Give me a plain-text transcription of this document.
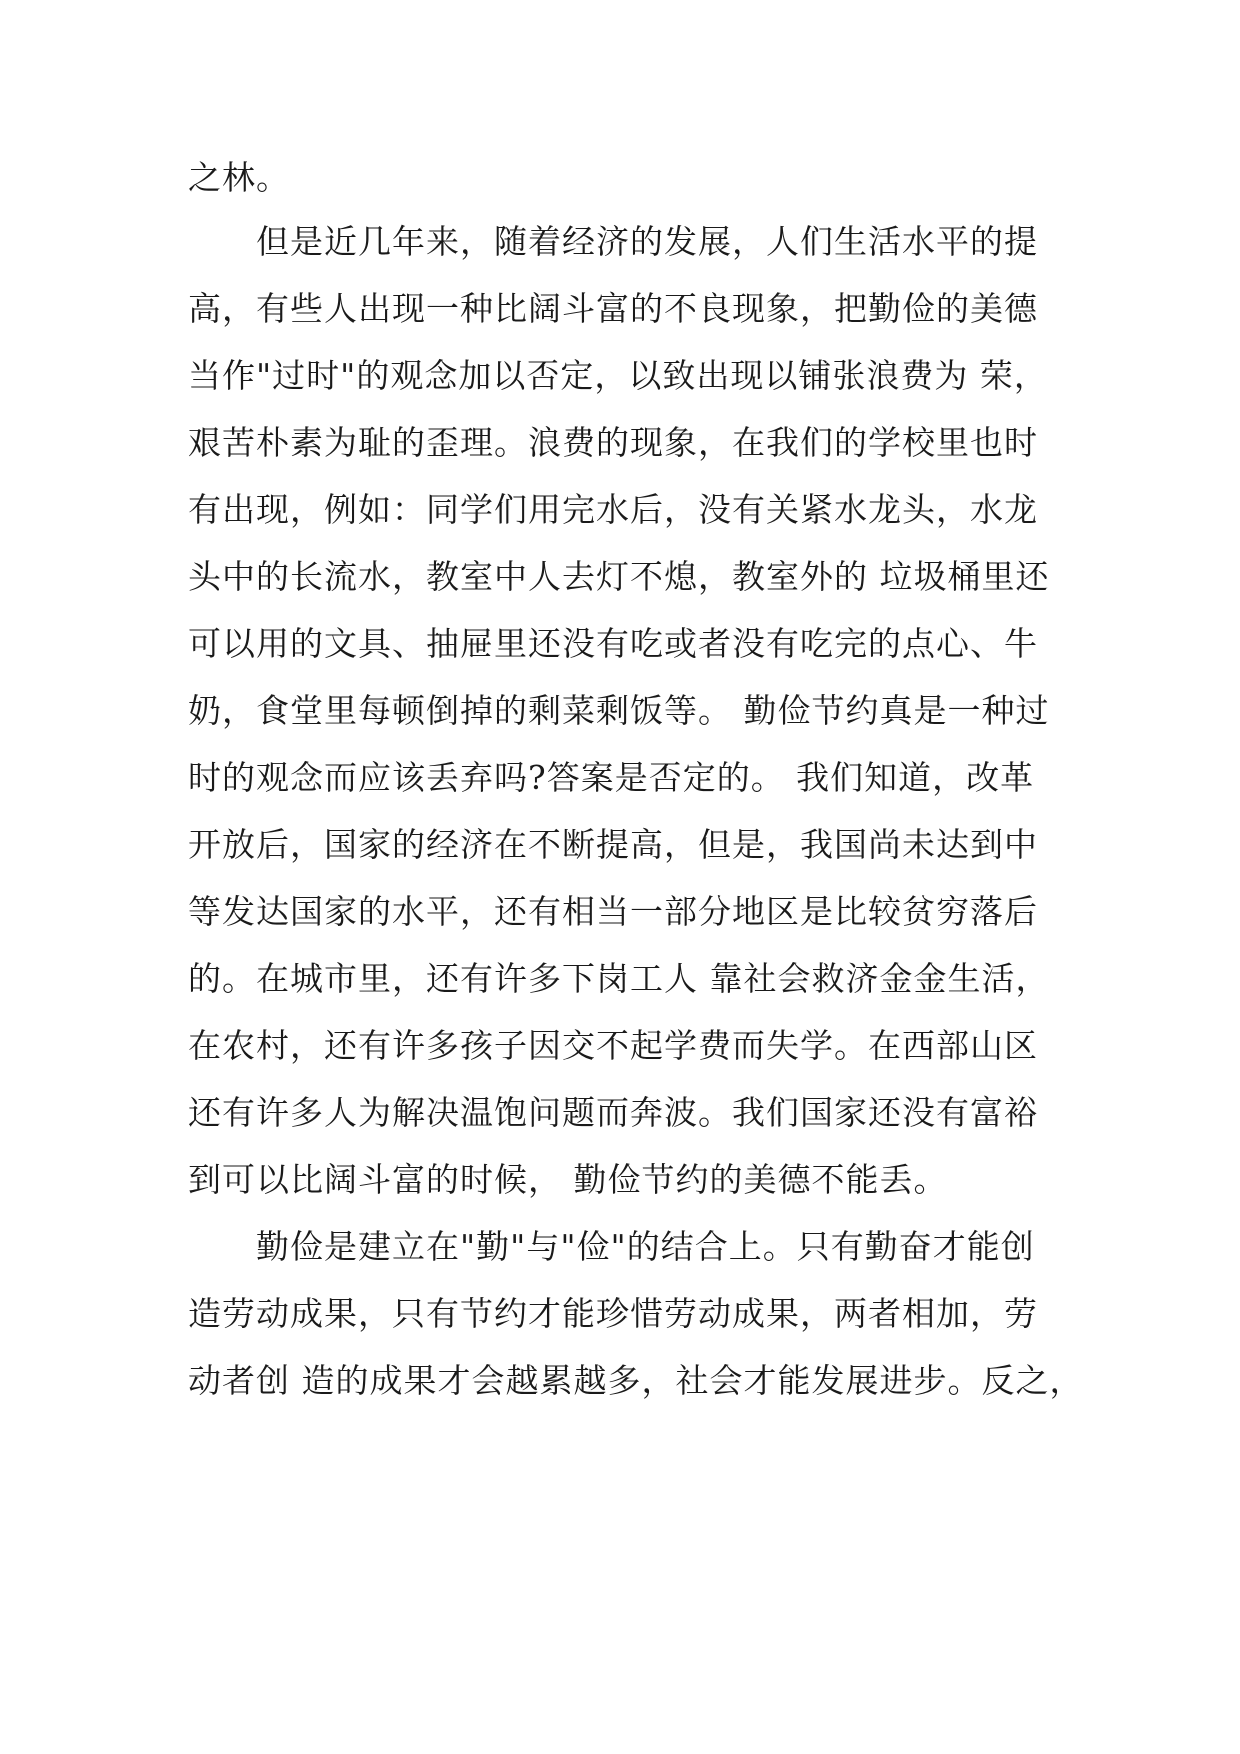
之林。
　　但是近几年来，随着经济的发展，人们生活水平的提
高，有些人出现一种比阔斗富的不良现象，把勤俭的美德
当作"过时"的观念加以否定，以致出现以铺张浪费为 荣，
艰苦朴素为耻的歪理。浪费的现象，在我们的学校里也时
有出现，例如：同学们用完水后，没有关紧水龙头，水龙
头中的长流水，教室中人去灯不熄，教室外的 垃圾桶里还
可以用的文具、抽屉里还没有吃或者没有吃完的点心、牛
奶，食堂里每顿倒掉的剩菜剩饭等。 勤俭节约真是一种过
时的观念而应该丢弃吗?答案是否定的。 我们知道，改革
开放后，国家的经济在不断提高，但是，我国尚未达到中
等发达国家的水平，还有相当一部分地区是比较贫穷落后
的。在城市里，还有许多下岗工人 靠社会救济金金生活，
在农村，还有许多孩子因交不起学费而失学。在西部山区
还有许多人为解决温饱问题而奔波。我们国家还没有富裕
到可以比阔斗富的时候， 勤俭节约的美德不能丢。
　　勤俭是建立在"勤"与"俭"的结合上。只有勤奋才能创
造劳动成果，只有节约才能珍惜劳动成果，两者相加，劳
动者创 造的成果才会越累越多，社会才能发展进步。反之，
